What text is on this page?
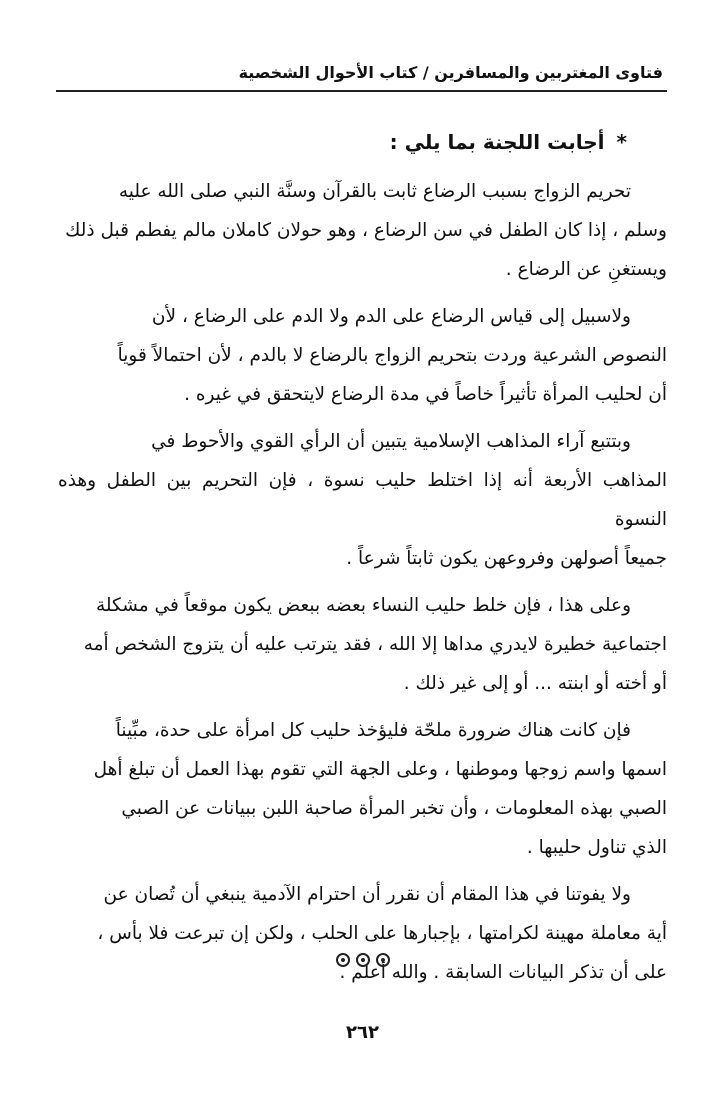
فتاوى المغتربين والمسافرين / كتاب الأحوال الشخصية
*أجابت اللجنة بما يلي :
تحريم الزواج بسبب الرضاع ثابت بالقرآن وسنَّة النبي صلى الله عليه
وسلم ، إذا كان الطفل في سن الرضاع ، وهو حولان كاملان مالم يفطم قبل ذلك
ويستغنِ عن الرضاع .
ولاسبيل إلى قياس الرضاع على الدم ولا الدم على الرضاع ، لأن
النصوص الشرعية وردت بتحريم الزواج بالرضاع لا بالدم ، لأن احتمالاً قوياً
أن لحليب المرأة تأثيراً خاصاً في مدة الرضاع لايتحقق في غيره .
وبتتبع آراء المذاهب الإسلامية يتبين أن الرأي القوي والأحوط في
المذاهب الأربعة أنه إذا اختلط حليب نسوة ، فإن التحريم بين الطفل وهذه النسوة
جميعاً أصولهن وفروعهن يكون ثابتاً شرعاً .
وعلى هذا ، فإن خلط حليب النساء بعضه ببعض يكون موقعاً في مشكلة
اجتماعية خطيرة لايدري مداها إلا الله ، فقد يترتب عليه أن يتزوج الشخص أمه
أو أخته أو ابنته ... أو إلى غير ذلك .
فإن كانت هناك ضرورة ملحّة فليؤخذ حليب كل امرأة على حدة، مبِّيناً
اسمها واسم زوجها وموطنها ، وعلى الجهة التي تقوم بهذا العمل أن تبلغ أهل
الصبي بهذه المعلومات ، وأن تخبر المرأة صاحبة اللبن ببيانات عن الصبي
الذي تناول حليبها .
ولا يفوتنا في هذا المقام أن نقرر أن احترام الآدمية ينبغي أن تُصان عن
أية معاملة مهينة لكرامتها ، بإجبارها على الحلب ، ولكن إن تبرعت فلا بأس ،
على أن تذكر البيانات السابقة . والله أعلم .
٢٦٢
